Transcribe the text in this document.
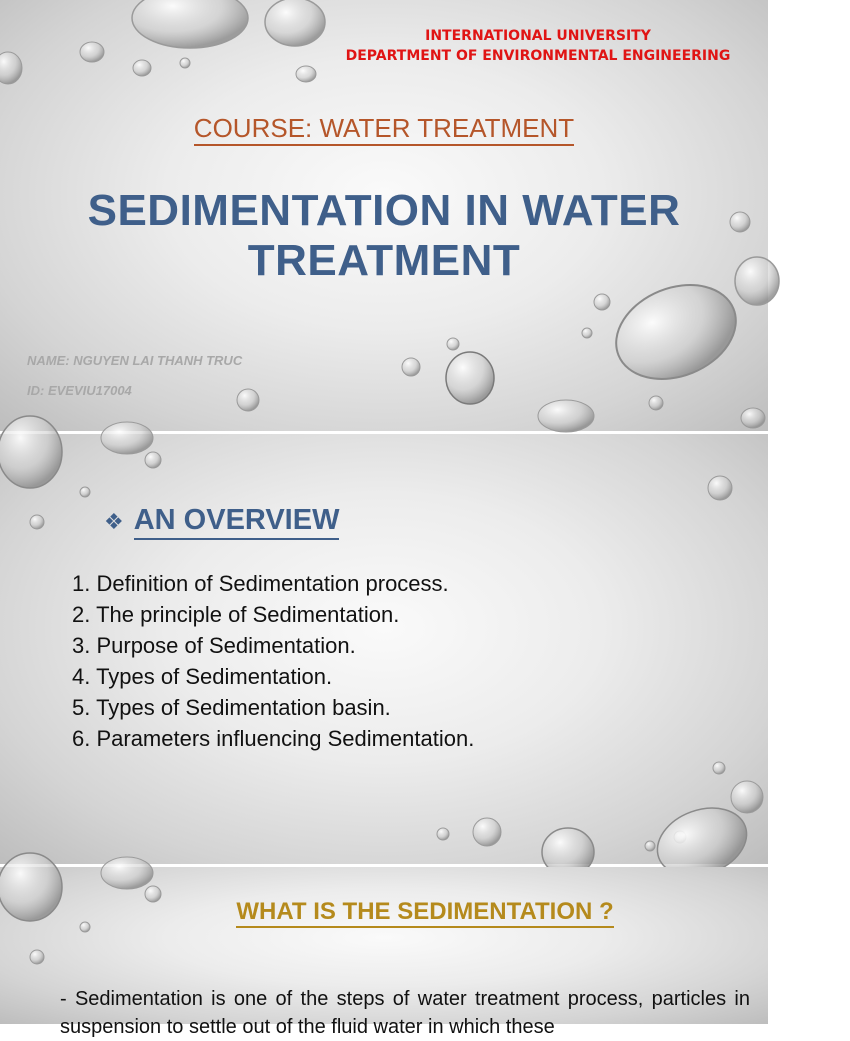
INTERNATIONAL UNIVERSITY
DEPARTMENT OF ENVIRONMENTAL ENGINEERING
COURSE: WATER TREATMENT
SEDIMENTATION IN WATER
TREATMENT
NAME: NGUYEN LAI THANH TRUC
ID: EVEVIU17004
❖ AN OVERVIEW
1. Definition of Sedimentation process.
2. The principle of Sedimentation.
3. Purpose of Sedimentation.
4. Types of Sedimentation.
5. Types of Sedimentation basin.
6. Parameters influencing Sedimentation.
WHAT IS THE SEDIMENTATION ?
- Sedimentation is one of the steps of water treatment process, particles in suspension to settle out of the fluid water in which these
